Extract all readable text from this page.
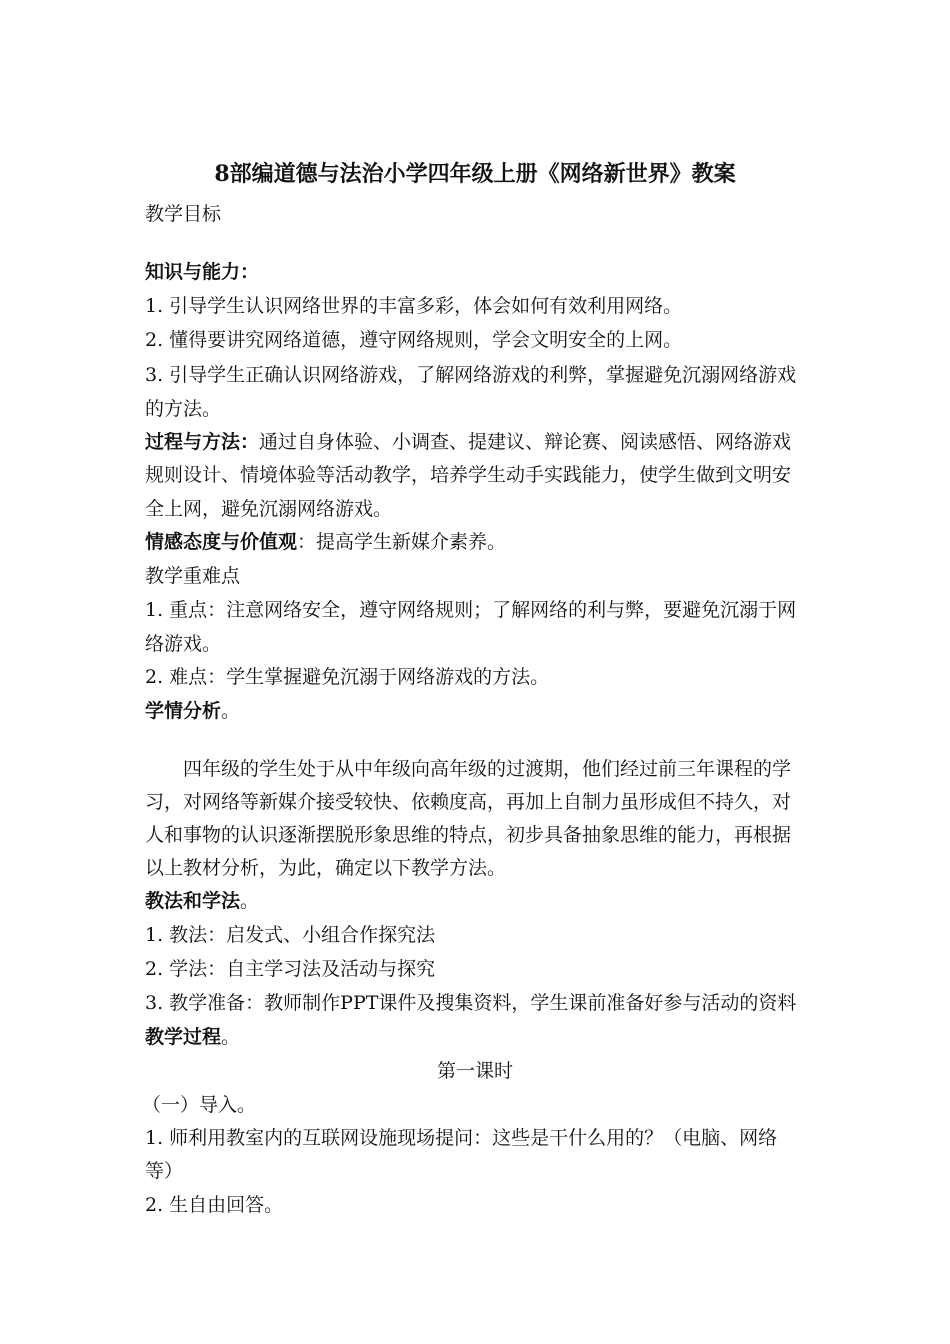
8部编道德与法治小学四年级上册《网络新世界》教案
教学目标
知识与能力：
1. 引导学生认识网络世界的丰富多彩，体会如何有效利用网络。
2. 懂得要讲究网络道德，遵守网络规则，学会文明安全的上网。
3. 引导学生正确认识网络游戏，了解网络游戏的利弊，掌握避免沉溺网络游戏
的方法。
过程与方法：通过自身体验、小调查、提建议、辩论赛、阅读感悟、网络游戏
规则设计、情境体验等活动教学，培养学生动手实践能力，使学生做到文明安
全上网，避免沉溺网络游戏。
情感态度与价值观：提高学生新媒介素养。
教学重难点
1. 重点：注意网络安全，遵守网络规则；了解网络的利与弊，要避免沉溺于网
络游戏。
2. 难点：学生掌握避免沉溺于网络游戏的方法。
学情分析。
四年级的学生处于从中年级向高年级的过渡期，他们经过前三年课程的学
习，对网络等新媒介接受较快、依赖度高，再加上自制力虽形成但不持久，对
人和事物的认识逐渐摆脱形象思维的特点，初步具备抽象思维的能力，再根据
以上教材分析，为此，确定以下教学方法。
教法和学法。
1. 教法：启发式、小组合作探究法
2. 学法：自主学习法及活动与探究
3. 教学准备：教师制作PPT课件及搜集资料，学生课前准备好参与活动的资料
教学过程。
第一课时
（一）导入。
1. 师利用教室内的互联网设施现场提问：这些是干什么用的？（电脑、网络
等）
2. 生自由回答。
